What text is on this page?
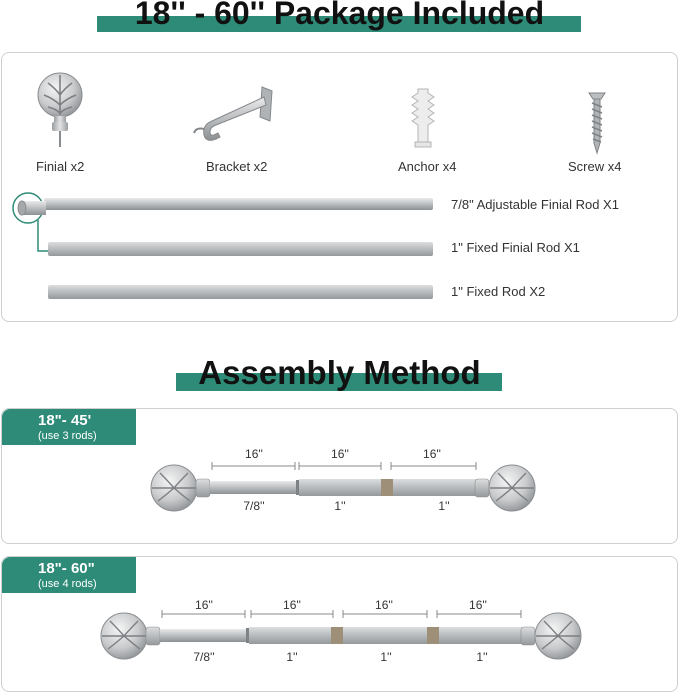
18'' - 60'' Package Included
Finial x2	Bracket x2	Anchor x4	Screw x4
7/8" Adjustable Finial Rod X1
1" Fixed Finial Rod X1
1" Fixed Rod X2
Assembly Method
18"- 45'
(use 3 rods)
16''	16''	16''
7/8''	1''	1''
18"- 60"
(use 4 rods)
16''	16''	16''	16''
7/8''	1''	1''	1''
